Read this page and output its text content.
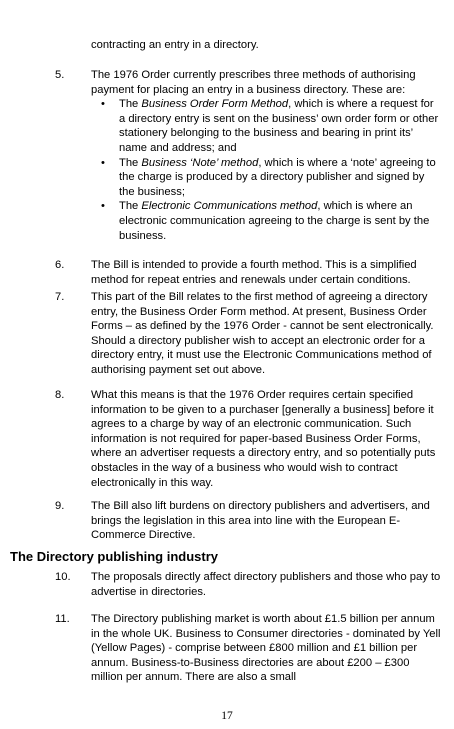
contracting an entry in a directory.
5. The 1976 Order currently prescribes three methods of authorising payment for placing an entry in a business directory. These are:
• The Business Order Form Method, which is where a request for a directory entry is sent on the business’ own order form or other stationery belonging to the business and bearing in print its’ name and address; and
• The Business ‘Note’ method, which is where a ‘note’ agreeing to the charge is produced by a directory publisher and signed by the business;
• The Electronic Communications method, which is where an electronic communication agreeing to the charge is sent by the business.
6. The Bill is intended to provide a fourth method. This is a simplified method for repeat entries and renewals under certain conditions.
7. This part of the Bill relates to the first method of agreeing a directory entry, the Business Order Form method. At present, Business Order Forms – as defined by the 1976 Order - cannot be sent electronically. Should a directory publisher wish to accept an electronic order for a directory entry, it must use the Electronic Communications method of authorising payment set out above.
8. What this means is that the 1976 Order requires certain specified information to be given to a purchaser [generally a business] before it agrees to a charge by way of an electronic communication. Such information is not required for paper-based Business Order Forms, where an advertiser requests a directory entry, and so potentially puts obstacles in the way of a business who would wish to contract electronically in this way.
9. The Bill also lift burdens on directory publishers and advertisers, and brings the legislation in this area into line with the European E-Commerce Directive.
The Directory publishing industry
10. The proposals directly affect directory publishers and those who pay to advertise in directories.
11. The Directory publishing market is worth about £1.5 billion per annum in the whole UK. Business to Consumer directories - dominated by Yell (Yellow Pages) - comprise between £800 million and £1 billion per annum. Business-to-Business directories are about £200 – £300 million per annum. There are also a small
17
